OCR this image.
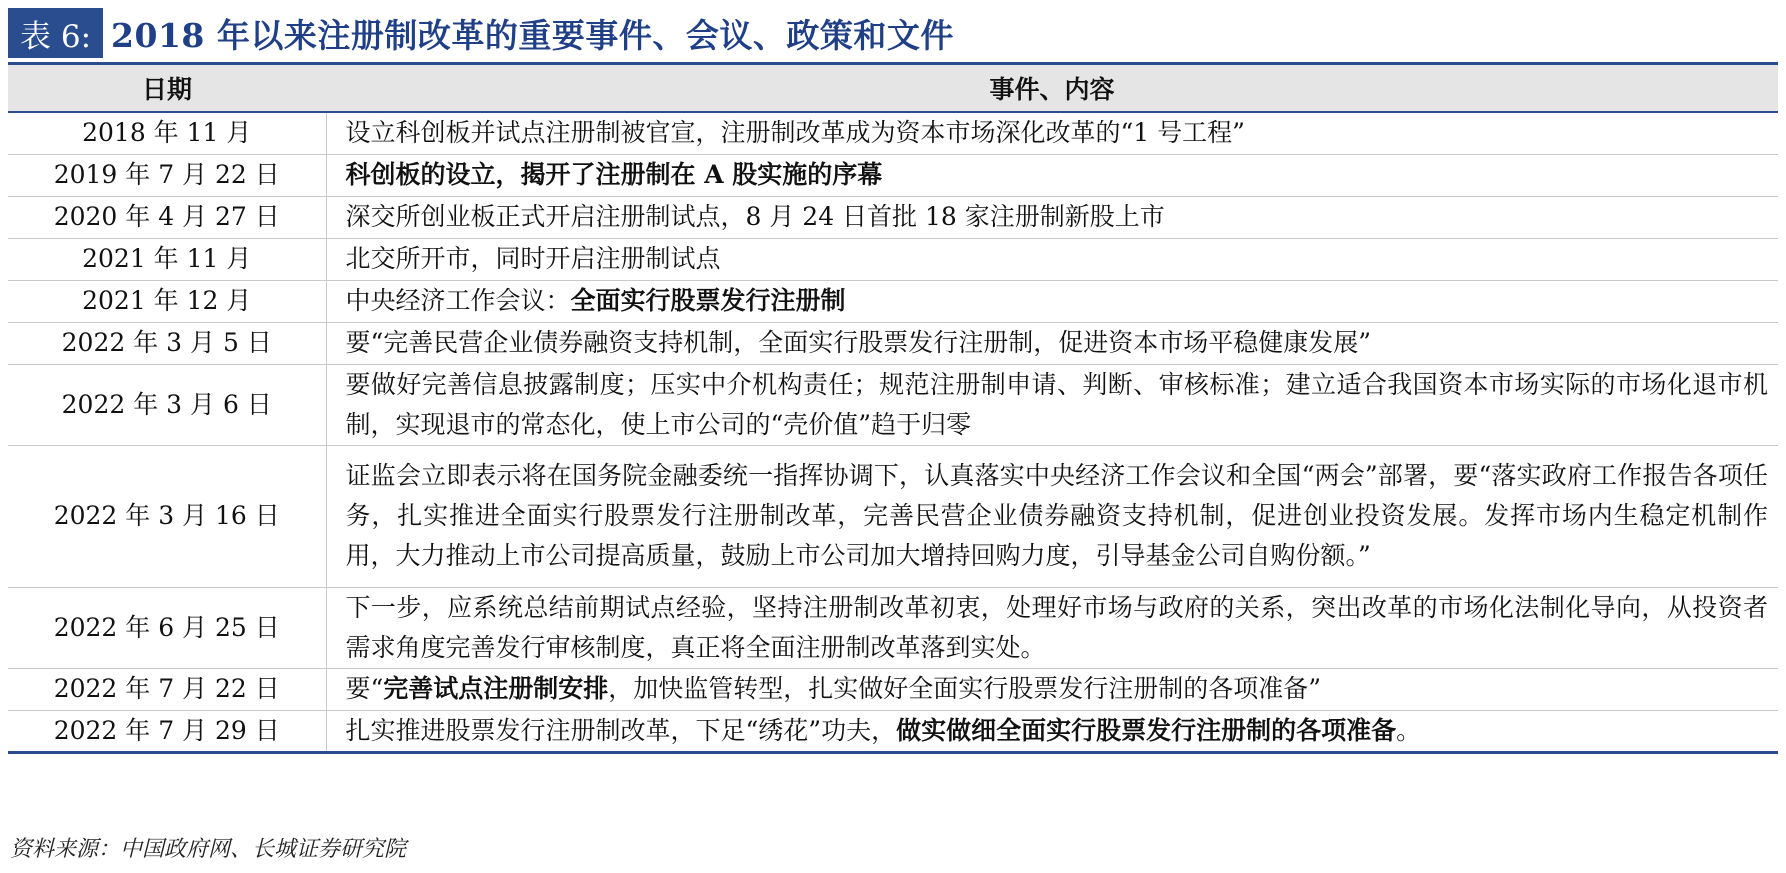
表 6: 2018 年以来注册制改革的重要事件、会议、政策和文件
日期	事件、内容
2018 年 11 月	设立科创板并试点注册制被官宣，注册制改革成为资本市场深化改革的“1 号工程”
2019 年 7 月 22 日	科创板的设立，揭开了注册制在 A 股实施的序幕
2020 年 4 月 27 日	深交所创业板正式开启注册制试点，8 月 24 日首批 18 家注册制新股上市
2021 年 11 月	北交所开市，同时开启注册制试点
2021 年 12 月	中央经济工作会议：全面实行股票发行注册制
2022 年 3 月 5 日	要“完善民营企业债券融资支持机制，全面实行股票发行注册制，促进资本市场平稳健康发展”
2022 年 3 月 6 日	要做好完善信息披露制度；压实中介机构责任；规范注册制申请、判断、审核标准；建立适合我国资本市场实际的市场化退市机制，实现退市的常态化，使上市公司的“壳价值”趋于归零
2022 年 3 月 16 日	证监会立即表示将在国务院金融委统一指挥协调下，认真落实中央经济工作会议和全国“两会”部署，要“落实政府工作报告各项任务，扎实推进全面实行股票发行注册制改革，完善民营企业债券融资支持机制，促进创业投资发展。发挥市场内生稳定机制作用，大力推动上市公司提高质量，鼓励上市公司加大增持回购力度，引导基金公司自购份额。”
2022 年 6 月 25 日	下一步，应系统总结前期试点经验，坚持注册制改革初衷，处理好市场与政府的关系，突出改革的市场化法制化导向，从投资者需求角度完善发行审核制度，真正将全面注册制改革落到实处。
2022 年 7 月 22 日	要“完善试点注册制安排，加快监管转型，扎实做好全面实行股票发行注册制的各项准备”
2022 年 7 月 29 日	扎实推进股票发行注册制改革，下足“绣花”功夫，做实做细全面实行股票发行注册制的各项准备。
资料来源：中国政府网、长城证券研究院
